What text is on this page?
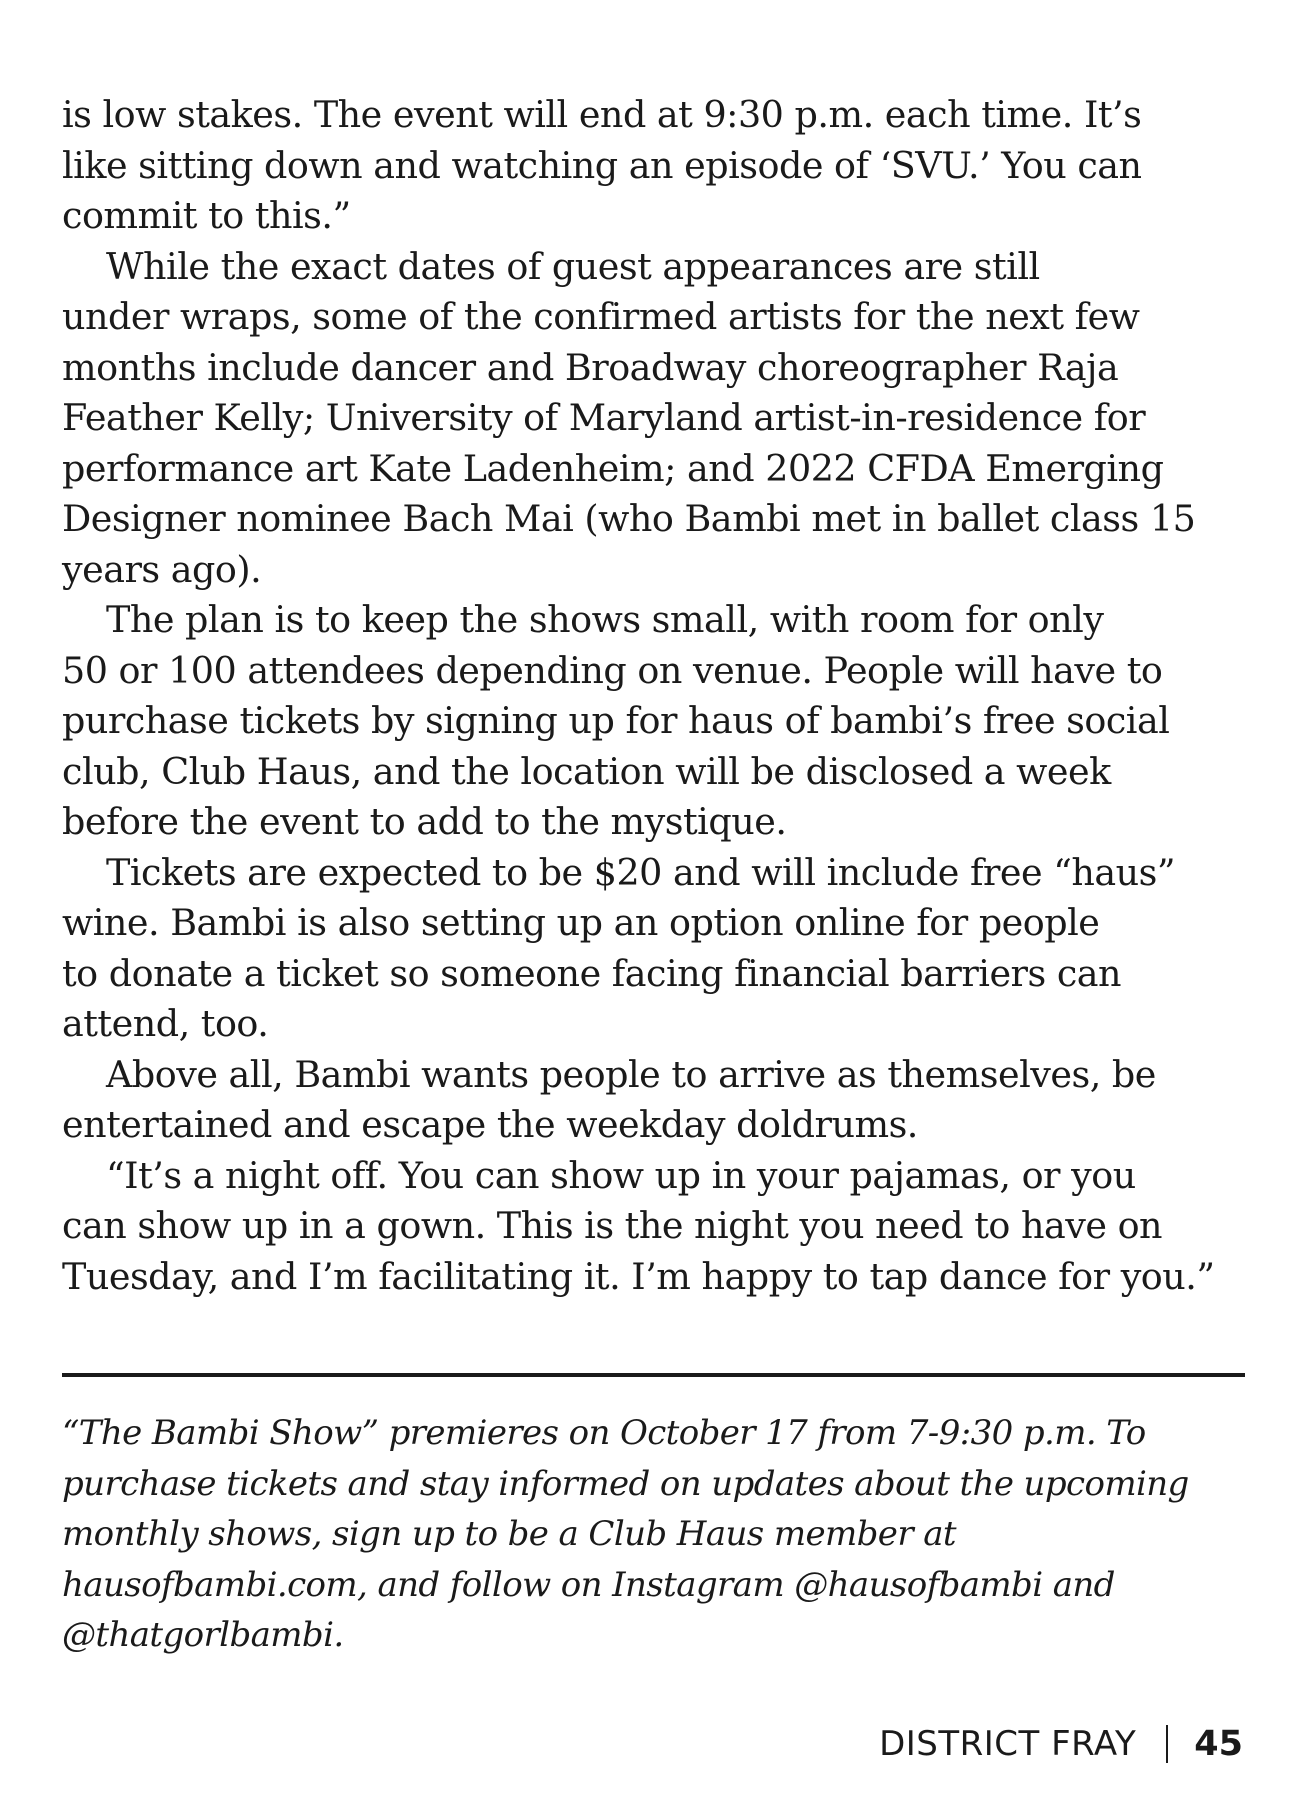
is low stakes. The event will end at 9:30 p.m. each time. It’s
like sitting down and watching an episode of ‘SVU.’ You can
commit to this.”
While the exact dates of guest appearances are still
under wraps, some of the confirmed artists for the next few
months include dancer and Broadway choreographer Raja
Feather Kelly; University of Maryland artist-in-residence for
performance art Kate Ladenheim; and 2022 CFDA Emerging
Designer nominee Bach Mai (who Bambi met in ballet class 15
years ago).
The plan is to keep the shows small, with room for only
50 or 100 attendees depending on venue. People will have to
purchase tickets by signing up for haus of bambi’s free social
club, Club Haus, and the location will be disclosed a week
before the event to add to the mystique.
Tickets are expected to be $20 and will include free “haus”
wine. Bambi is also setting up an option online for people
to donate a ticket so someone facing financial barriers can
attend, too.
Above all, Bambi wants people to arrive as themselves, be
entertained and escape the weekday doldrums.
“It’s a night off. You can show up in your pajamas, or you
can show up in a gown. This is the night you need to have on
Tuesday, and I’m facilitating it. I’m happy to tap dance for you.”
“The Bambi Show” premieres on October 17 from 7-9:30 p.m. To
purchase tickets and stay informed on updates about the upcoming
monthly shows, sign up to be a Club Haus member at
hausofbambi.com, and follow on Instagram @hausofbambi and
@thatgorlbambi.
DISTRICT FRAY 45
